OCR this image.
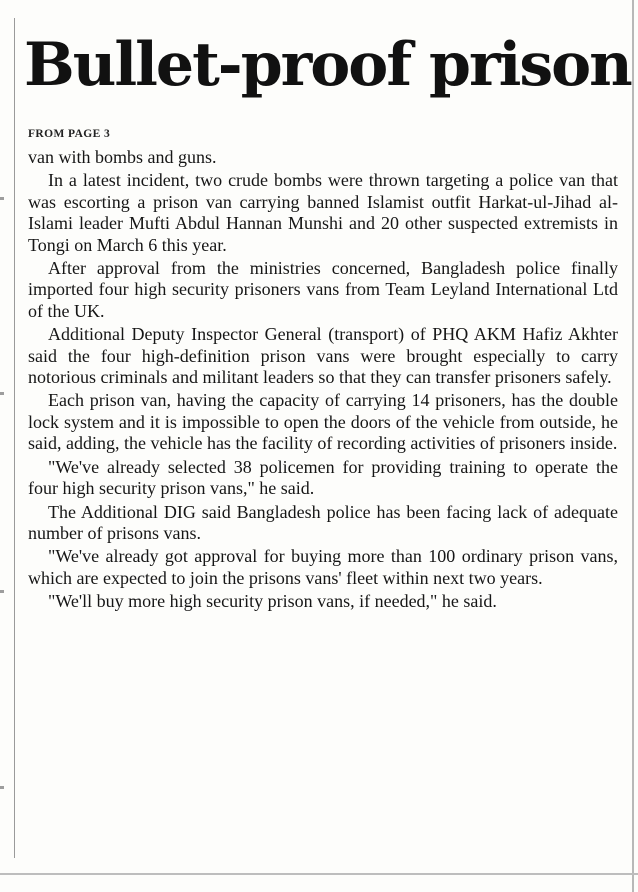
Bullet-proof prison
FROM PAGE 3

van with bombs and guns.

In a latest incident, two crude bombs were thrown targeting a police van that was escorting a prison van carrying banned Islamist outfit Harkat-ul-Jihad al-Islami leader Mufti Abdul Hannan Munshi and 20 other suspected extremists in Tongi on March 6 this year.

After approval from the ministries concerned, Bangladesh police finally imported four high security prisoners vans from Team Leyland International Ltd of the UK.

Additional Deputy Inspector General (transport) of PHQ AKM Hafiz Akhter said the four high-definition prison vans were brought especially to carry notorious criminals and militant leaders so that they can transfer prisoners safely.

Each prison van, having the capacity of carrying 14 prisoners, has the double lock system and it is impossible to open the doors of the vehicle from outside, he said, adding, the vehicle has the facility of recording activities of prisoners inside.

"We've already selected 38 policemen for providing training to operate the four high security prison vans," he said.

The Additional DIG said Bangladesh police has been facing lack of adequate number of prisons vans.

"We've already got approval for buying more than 100 ordinary prison vans, which are expected to join the prisons vans' fleet within next two years.

"We'll buy more high security prison vans, if needed," he said.
